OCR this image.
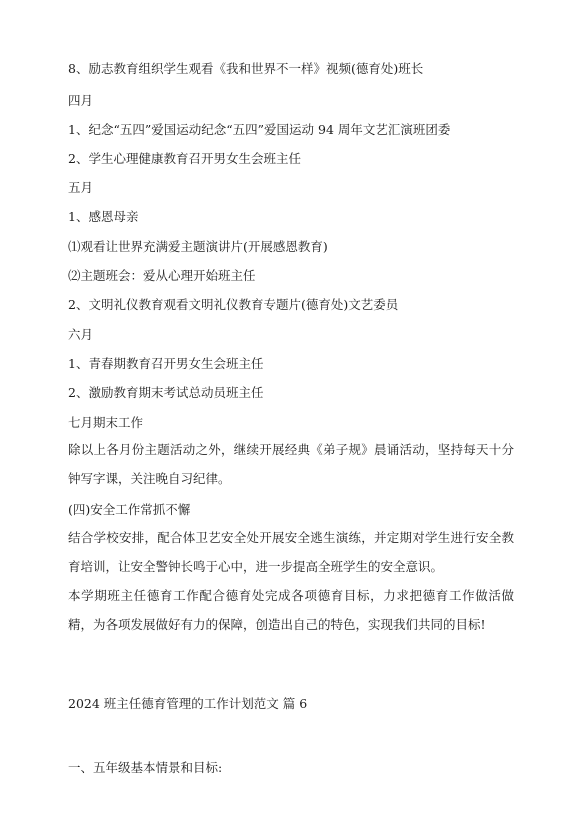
8、励志教育组织学生观看《我和世界不一样》视频(德育处)班长

四月

1、纪念“五四”爱国运动纪念“五四”爱国运动 94 周年文艺汇演班团委

2、学生心理健康教育召开男女生会班主任

五月

1、感恩母亲

⑴观看让世界充满爱主题演讲片(开展感恩教育)

⑵主题班会：爱从心理开始班主任

2、文明礼仪教育观看文明礼仪教育专题片(德育处)文艺委员

六月

1、青春期教育召开男女生会班主任

2、激励教育期末考试总动员班主任

七月期末工作

除以上各月份主题活动之外，继续开展经典《弟子规》晨诵活动，坚持每天十分钟写字课，关注晚自习纪律。

(四)安全工作常抓不懈

结合学校安排，配合体卫艺安全处开展安全逃生演练，并定期对学生进行安全教育培训，让安全警钟长鸣于心中，进一步提高全班学生的安全意识。

本学期班主任德育工作配合德育处完成各项德育目标，力求把德育工作做活做精，为各项发展做好有力的保障，创造出自己的特色，实现我们共同的目标!

2024 班主任德育管理的工作计划范文 篇 6

一、五年级基本情景和目标:
